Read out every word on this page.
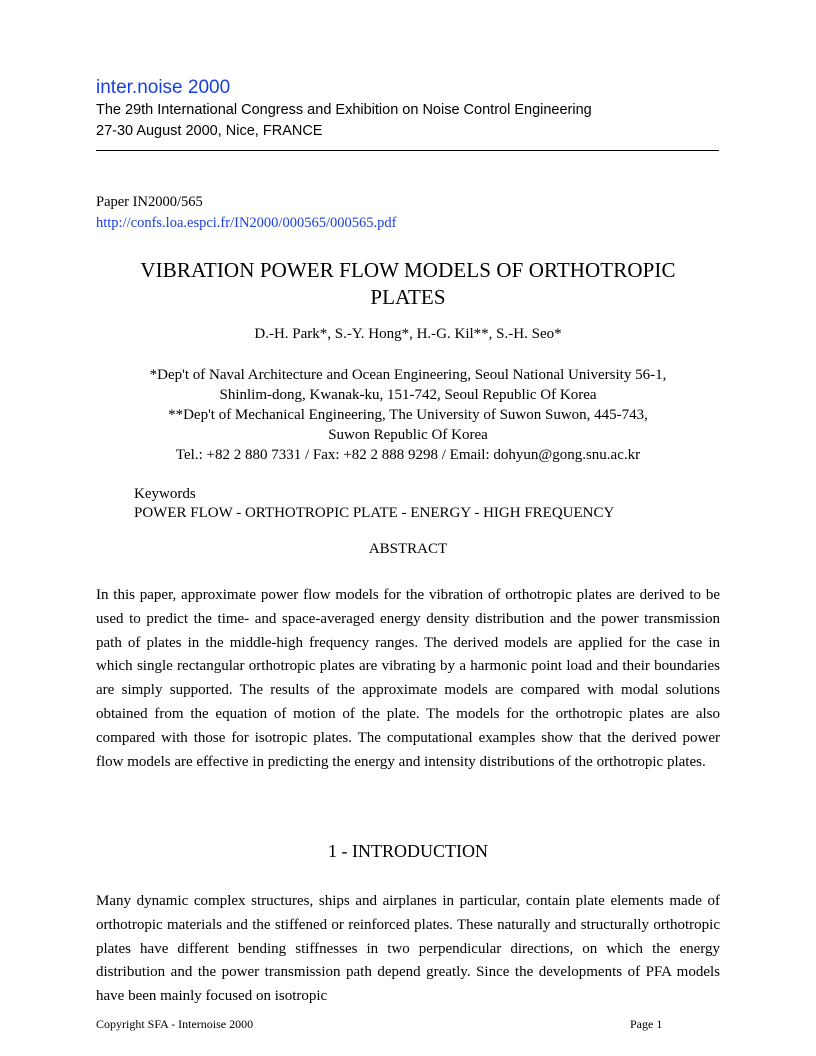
inter.noise 2000
The 29th International Congress and Exhibition on Noise Control Engineering
27-30 August 2000, Nice, FRANCE
Paper IN2000/565
http://confs.loa.espci.fr/IN2000/000565/000565.pdf
VIBRATION POWER FLOW MODELS OF ORTHOTROPIC
PLATES
D.-H. Park*, S.-Y. Hong*, H.-G. Kil**, S.-H. Seo*
*Dep't of Naval Architecture and Ocean Engineering, Seoul National University 56-1,
Shinlim-dong, Kwanak-ku, 151-742, Seoul Republic Of Korea
**Dep't of Mechanical Engineering, The University of Suwon Suwon, 445-743,
Suwon Republic Of Korea
Tel.: +82 2 880 7331 / Fax: +82 2 888 9298 / Email: dohyun@gong.snu.ac.kr
Keywords
POWER FLOW - ORTHOTROPIC PLATE - ENERGY - HIGH FREQUENCY
ABSTRACT
In this paper, approximate power flow models for the vibration of orthotropic plates are derived to be used to predict the time- and space-averaged energy density distribution and the power transmission path of plates in the middle-high frequency ranges. The derived models are applied for the case in which single rectangular orthotropic plates are vibrating by a harmonic point load and their boundaries are simply supported. The results of the approximate models are compared with modal solutions obtained from the equation of motion of the plate. The models for the orthotropic plates are also compared with those for isotropic plates. The computational examples show that the derived power flow models are effective in predicting the energy and intensity distributions of the orthotropic plates.
1 - INTRODUCTION
Many dynamic complex structures, ships and airplanes in particular, contain plate elements made of orthotropic materials and the stiffened or reinforced plates. These naturally and structurally orthotropic plates have different bending stiffnesses in two perpendicular directions, on which the energy distribution and the power transmission path depend greatly. Since the developments of PFA models have been mainly focused on isotropic
Copyright SFA - Internoise 2000	Page 1
